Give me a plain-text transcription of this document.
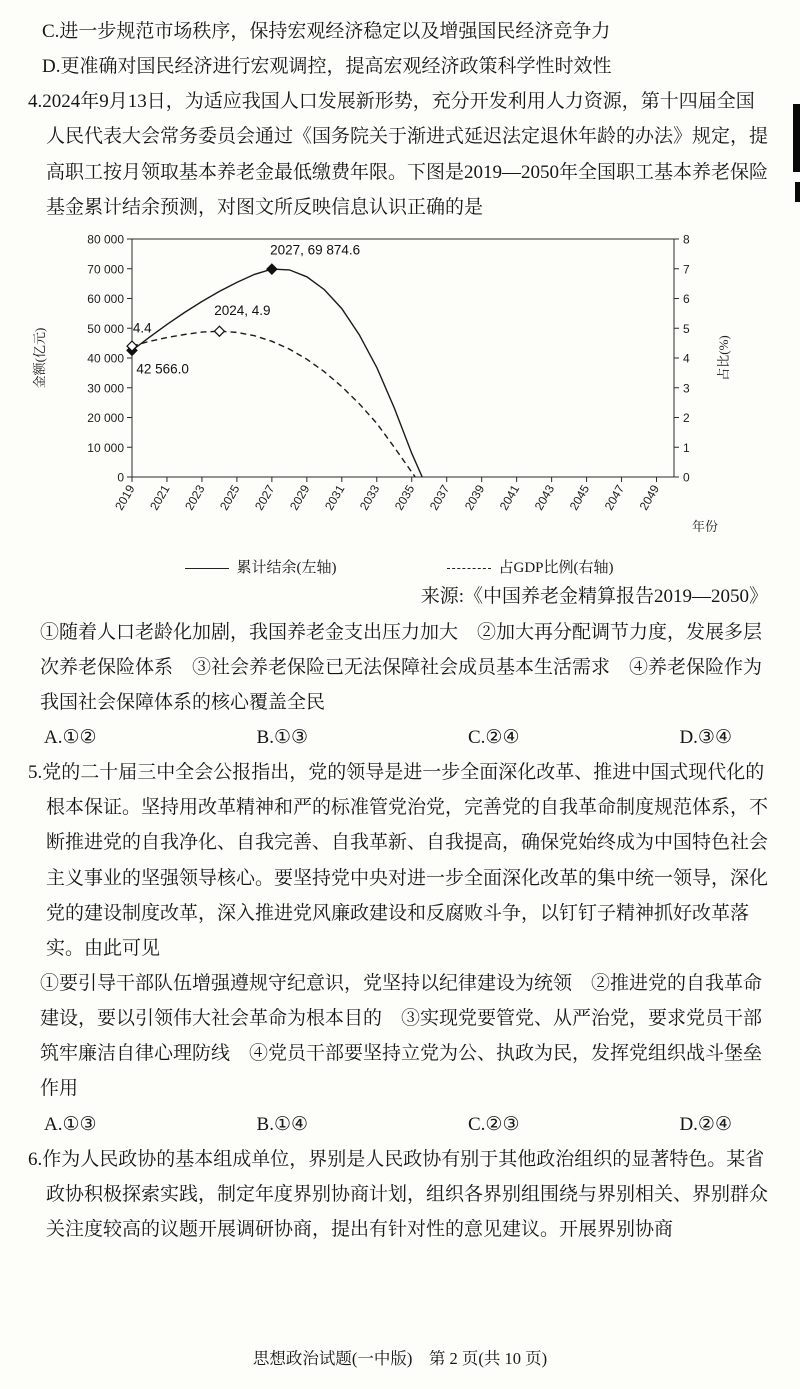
C.进一步规范市场秩序，保持宏观经济稳定以及增强国民经济竞争力

D.更准确对国民经济进行宏观调控，提高宏观经济政策科学性时效性

4.2024年9月13日，为适应我国人口发展新形势，充分开发利用人力资源，第十四届全国人民代表大会常务委员会通过《国务院关于渐进式延迟法定退休年龄的办法》规定，提高职工按月领取基本养老金最低缴费年限。下图是2019—2050年全国职工基本养老保险基金累计结余预测，对图文所反映信息认识正确的是

0
10 000
20 000
30 000
40 000
50 000
60 000
70 000
80 000
0
1
2
3
4
5
6
7
8
2019 2021 2023 2025 2027 2029 2031 2033 2035 2037 2039 2041 2043 2045 2047 2049
2027, 69 874.6
2024, 4.9
4.4
42 566.0
金额(亿元)	占比(%)
年份
累计结余(左轴)	占GDP比例(右轴)

来源:《中国养老金精算报告2019—2050》

①随着人口老龄化加剧，我国养老金支出压力加大　②加大再分配调节力度，发展多层次养老保险体系　③社会养老保险已无法保障社会成员基本生活需求　④养老保险作为我国社会保障体系的核心覆盖全民

A.①②	B.①③	C.②④	D.③④

5.党的二十届三中全会公报指出，党的领导是进一步全面深化改革、推进中国式现代化的根本保证。坚持用改革精神和严的标准管党治党，完善党的自我革命制度规范体系，不断推进党的自我净化、自我完善、自我革新、自我提高，确保党始终成为中国特色社会主义事业的坚强领导核心。要坚持党中央对进一步全面深化改革的集中统一领导，深化党的建设制度改革，深入推进党风廉政建设和反腐败斗争，以钉钉子精神抓好改革落实。由此可见

①要引导干部队伍增强遵规守纪意识，党坚持以纪律建设为统领　②推进党的自我革命建设，要以引领伟大社会革命为根本目的　③实现党要管党、从严治党，要求党员干部筑牢廉洁自律心理防线　④党员干部要坚持立党为公、执政为民，发挥党组织战斗堡垒作用

A.①③	B.①④	C.②③	D.②④

6.作为人民政协的基本组成单位，界别是人民政协有别于其他政治组织的显著特色。某省政协积极探索实践，制定年度界别协商计划，组织各界别组围绕与界别相关、界别群众关注度较高的议题开展调研协商，提出有针对性的意见建议。开展界别协商

思想政治试题(一中版)　第 2 页(共 10 页)
